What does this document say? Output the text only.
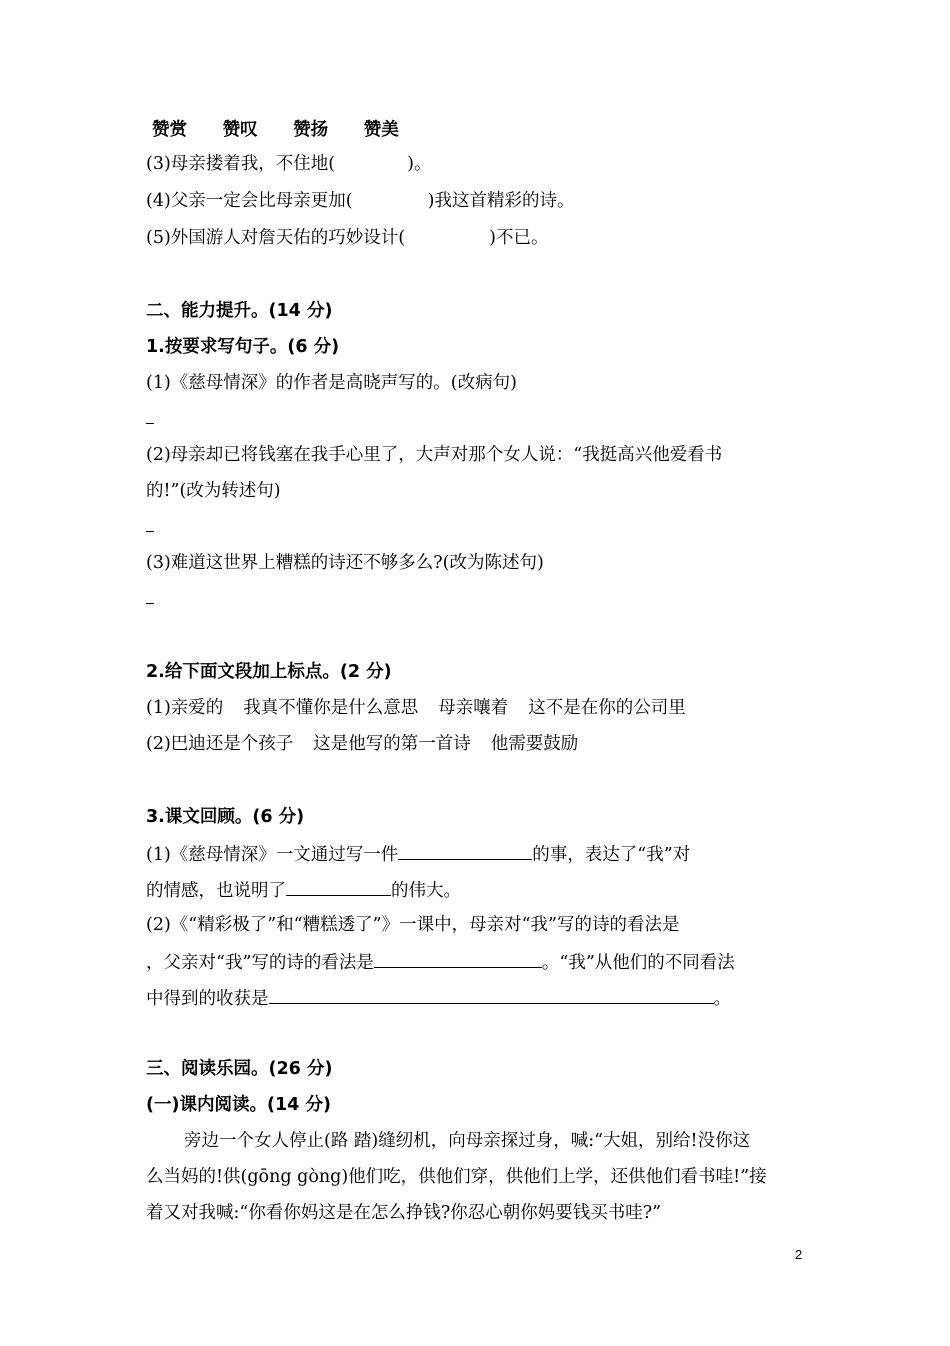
赞赏 赞叹 赞扬 赞美
(3)母亲搂着我，不住地(	)。
(4)父亲一定会比母亲更加(	)我这首精彩的诗。
(5)外国游人对詹天佑的巧妙设计(	)不已。
二、能力提升。(14 分)
1.按要求写句子。(6 分)
(1)《慈母情深》的作者是高晓声写的。(改病句)
(2)母亲却已将钱塞在我手心里了，大声对那个女人说：“我挺高兴他爱看书
的!”(改为转述句)
(3)难道这世界上糟糕的诗还不够多么?(改为陈述句)
2.给下面文段加上标点。(2 分)
(1)亲爱的 我真不懂你是什么意思 母亲嚷着 这不是在你的公司里
(2)巴迪还是个孩子 这是他写的第一首诗 他需要鼓励
3.课文回顾。(6 分)
(1)《慈母情深》一文通过写一件	的事，表达了“我”对
的情感，也说明了	的伟大。
(2)《“精彩极了”和“糟糕透了”》一课中，母亲对“我”写的诗的看法是
，父亲对“我”写的诗的看法是	。“我”从他们的不同看法
中得到的收获是	。
三、阅读乐园。(26 分)
(一)课内阅读。(14 分)
旁边一个女人停止(路 踏)缝纫机，向母亲探过身，喊:“大姐，别给!没你这
么当妈的!供(gōng gòng)他们吃，供他们穿，供他们上学，还供他们看书哇!”接
着又对我喊:“你看你妈这是在怎么挣钱?你忍心朝你妈要钱买书哇?”
2
